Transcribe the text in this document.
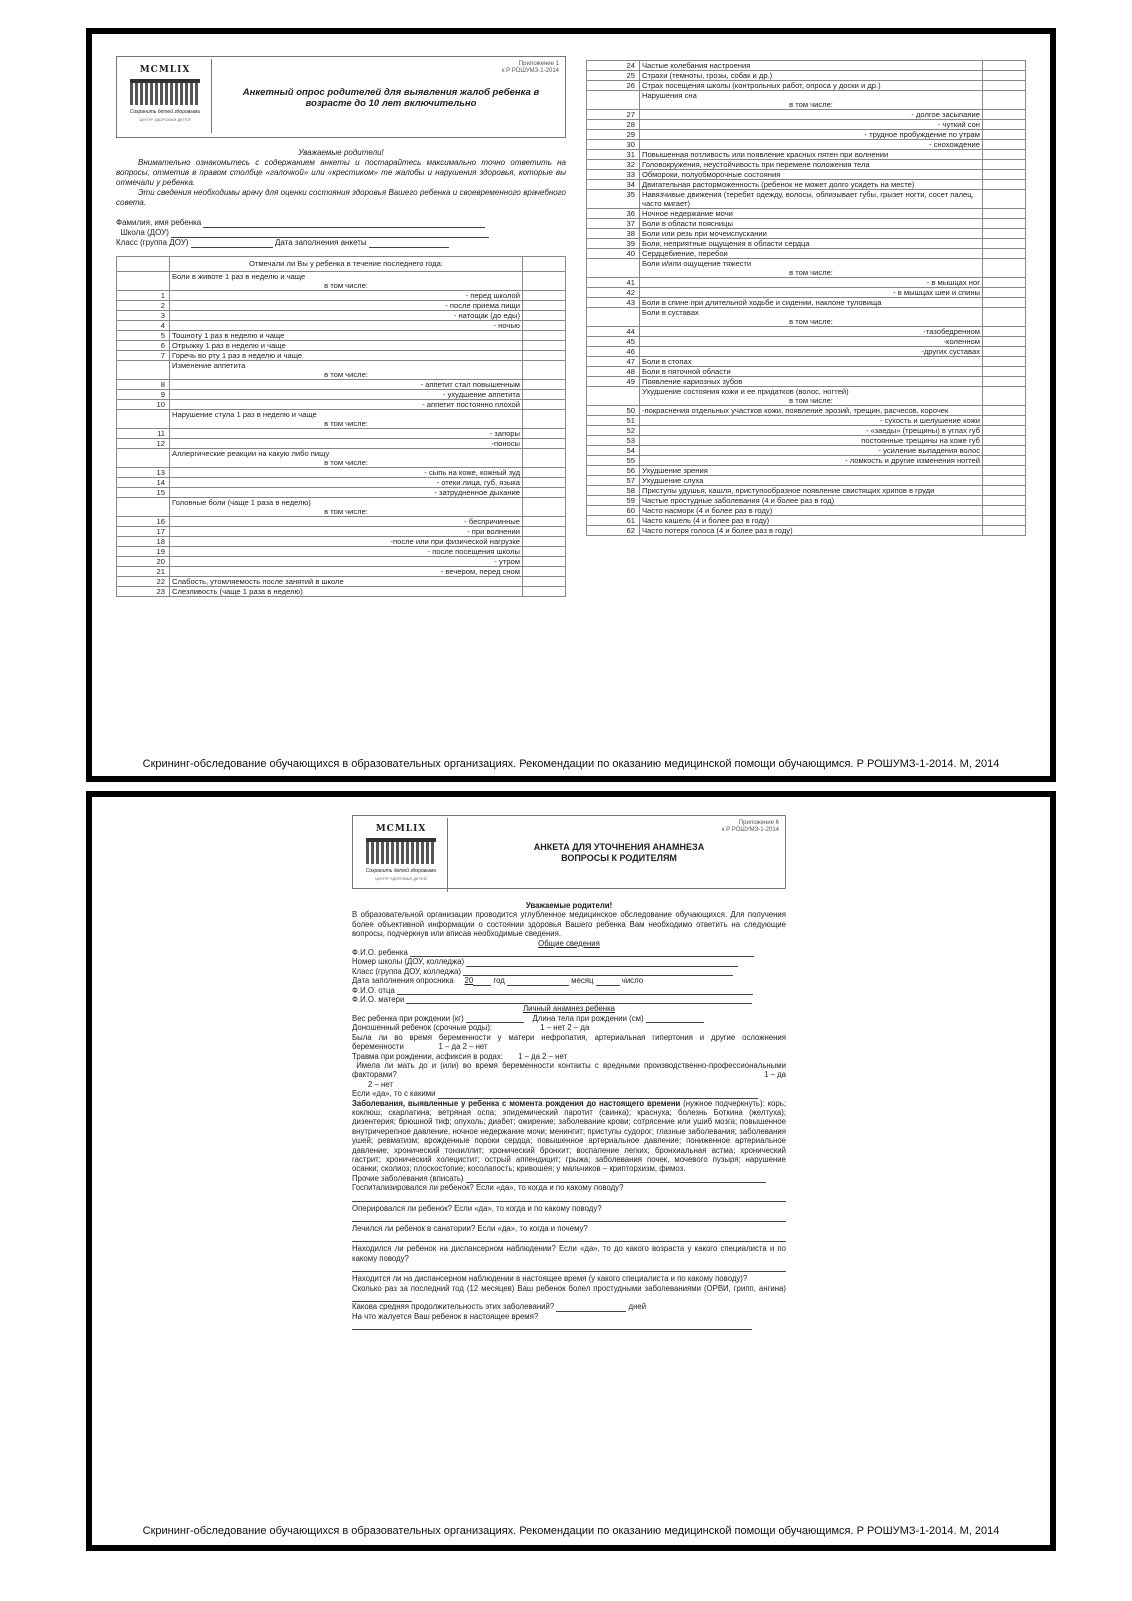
MCMLIX
Сохранить детей здоровыми
ЦЕНТР ЗДОРОВЬЯ ДЕТЕЙ
Приложение 1
к Р РОШУМЗ-1-2014
Анкетный опрос родителей для выявления жалоб ребенка в возрасте до 10 лет включительно
Уважаемые родители!

Внимательно ознакомьтесь с содержанием анкеты и постарайтесь максимально точно ответить на вопросы, отметив в правом столбце «галочкой» или «крестиком» те жалобы и нарушения здоровья, которые вы отмечали у ребенка.

Эти сведения необходимы врачу для оценки состояния здоровья Вашего ребенка и своевременного врачебного совета.

Фамилия, имя ребенка
Школа (ДОУ)
Класс (группа ДОУ)	Дата заполнения анкеты
	Отмечали ли Вы у ребенка в течение последнего года:	
	Боли в животе 1 раз в неделю и чаще
в том числе:	

1	- перед школой	
2	- после приема пищи	
3	- натощак (до еды)	
4	- ночью	
5	Тошноту 1 раз в неделю и чаще	
6	Отрыжку 1 раз в неделю и чаще	
7	Горечь во рту 1 раз в неделю и чаще	
	Изменение аппетита
в том числе:	

8	- аппетит стал повышенным	
9	- ухудшение аппетита	
10	- аппетит постоянно плохой	
	Нарушение стула 1 раз в неделю и чаще
в том числе:	

11	- запоры	
12	-поносы	
	Аллергические реакции на какую либо пищу
в том числе:	

13	- сыпь на коже, кожный зуд	
14	- отеки лица, губ, языка	
15	- затрудненное дыхание	
	Головные боли (чаще 1 раза в неделю)
в том числе:	

16	- беспричинные	
17	- при волнении	
18	-после или при физической нагрузке	
19	- после посещения школы	
20	- утром	
21	- вечером, перед сном	
22	Слабость, утомляемость после занятий в школе	
23	Слезливость (чаще 1 раза в неделю)	
24	Частые колебания настроения	
25	Страхи (темноты, грозы, собак и др.)	
26	Страх посещения школы (контрольных работ, опроса у доски и др.)	
	Нарушения сна
в том числе:	

27	- долгое засыпание	
28	- чуткий сон	
29	- трудное пробуждение по утрам	
30	- снохождение	
31	Повышенная потливость или появление красных пятен при волнении	
32	Головокружения, неустойчивость при перемене положения тела	
33	Обмороки, полуобморочные состояния	
34	Двигательная расторможенность (ребенок не может долго усидеть на месте)	
35	Навязчивые движения (теребит одежду, волосы, облизывает губы, грызет ногти, сосет палец, часто мигает)	
36	Ночное недержание мочи	
37	Боли в области поясницы	
38	Боли или резь при мочеиспускании	
39	Боли, неприятные ощущения в области сердца	
40	Сердцебиение, перебои	
	Боли и/или ощущение тяжести
в том числе:	

41	- в мышцах ног	
42	- в мышцах шеи и спины	
43	Боли в спине при длительной ходьбе и сидении, наклоне туловища	
	Боли в суставах
в том числе:	

44	-тазобедренном	
45	-коленном	
46	-других суставах	
47	Боли в стопах	
48	Боли в пяточной области	
49	Появление кариозных зубов	
	Ухудшение состояния кожи и ее придатков (волос, ногтей)
в том числе:	

50	-покраснения отдельных участков кожи, появление эрозий, трещин, расчесов, корочек	
51	- сухость и шелушение кожи	
52	- «заеды» (трещины) в углах губ	
53	постоянные трещины на коже губ	
54	- усиление выпадения волос	
55	- ломкость и другие изменения ногтей	
56	Ухудшение зрения	
57	Ухудшение слуха	
58	Приступы удушья, кашля, приступообразное появление свистящих хрипов в груди	
59	Частые простудные заболевания (4 и более раз в год)	
60	Часто насморк (4 и более раз в году)	
61	Часто кашель (4 и более раз в году)	
62	Часто потеря голоса (4 и более раз в году)	
Скрининг-обследование обучающихся в образовательных организациях. Рекомендации по оказанию медицинской помощи обучающимся. Р РОШУМЗ-1-2014. М, 2014
MCMLIX
Сохранить детей здоровыми
ЦЕНТР ЗДОРОВЬЯ ДЕТЕЙ
Приложение 6
к Р РОШУМЗ-1-2014
АНКЕТА ДЛЯ УТОЧНЕНИЯ АНАМНЕЗА
ВОПРОСЫ К РОДИТЕЛЯМ
Уважаемые родители!

В образовательной организации проводится углубленное медицинское обследование обучающихся. Для получения более объективной информации о состоянии здоровья Вашего ребенка Вам необходимо ответить на следующие вопросы, подчеркнув или вписав необходимые сведения.

Общие сведения
Ф.И.О. ребенка
Номер школы (ДОУ, колледжа)
Класс (группа ДОУ, колледжа)
Дата заполнения опросника 20	год	месяц	число
Ф.И.О. отца
Ф.И.О. матери
Личный анамнез ребенка
Вес ребенка при рождении (кг)	Длина тела при рождении (см)
Доношенный ребенок (срочные роды):	1 – нет 2 – да

Была ли во время беременности у матери нефропатия, артериальная гипертония и другие осложнения беременности	1 – да 2 – нет

Травма при рождении, асфиксия в родах: 1 – да 2 – нет

Имела ли мать до и (или) во время беременности контакты с вредными производственно-профессиональными факторами?	1 – да

2 – нет
Если «да», то с какими

Заболевания, выявленные у ребенка с момента рождения до настоящего времени (нужное подчеркнуть): корь; коклюш; скарлатина; ветряная оспа; эпидемический паротит (свинка); краснуха; болезнь Боткина (желтуха); дизентерия; брюшной тиф; опухоль; диабет; ожирение; заболевание крови; сотрясение или ушиб мозга; повышенное внутричерепное давление, ночное недержание мочи; менингит; приступы судорог; глазные заболевания; заболевания ушей; ревматизм; врожденные пороки сердца; повышенное артериальное давление; пониженное артериальное давление; хронический тонзиллит; хронический бронхит; воспаление легких; бронхиальная астма; хронический гастрит; хронический холецистит; острый аппендицит; грыжа; заболевания почек, мочевого пузыря; нарушение осанки; сколиоз; плоскостопие; косолапость; кривошея; у мальчиков – крипторхизм, фимоз.

Прочие заболевания (вписать)

Госпитализировался ли ребенок? Если «да», то когда и по какому поводу?

Оперировался ли ребенок? Если «да», то когда и по какому поводу?

Лечился ли ребенок в санатории? Если «да», то когда и почему?

Находился ли ребенок на диспансерном наблюдении? Если «да», то до какого возраста у какого специалиста и по какому поводу?

Находится ли на диспансерном наблюдении в настоящее время (у какого специалиста и по какому поводу)?

Сколько раз за последний год (12 месяцев) Ваш ребенок болел простудными заболеваниями (ОРВИ, грипп, ангина)

Какова средняя продолжительность этих заболеваний?	дней

На что жалуется Ваш ребенок в настоящее время?

Скрининг-обследование обучающихся в образовательных организациях. Рекомендации по оказанию медицинской помощи обучающимся. Р РОШУМЗ-1-2014. М, 2014
